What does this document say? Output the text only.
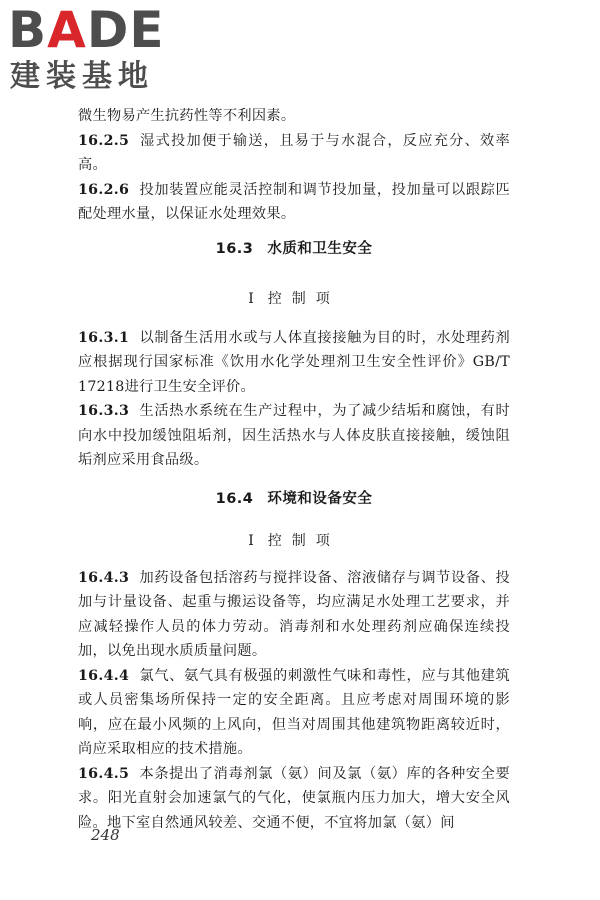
BADE
建装基地

微生物易产生抗药性等不利因素。

16.2.5 湿式投加便于输送，且易于与水混合，反应充分、效率高。

16.2.6 投加装置应能灵活控制和调节投加量，投加量可以跟踪匹配处理水量，以保证水处理效果。

16.3 水质和卫生安全
Ⅰ 控制项

16.3.1 以制备生活用水或与人体直接接触为目的时，水处理药剂应根据现行国家标准《饮用水化学处理剂卫生安全性评价》GB/T 17218进行卫生安全评价。

16.3.3 生活热水系统在生产过程中，为了减少结垢和腐蚀，有时向水中投加缓蚀阻垢剂，因生活热水与人体皮肤直接接触，缓蚀阻垢剂应采用食品级。

16.4 环境和设备安全
Ⅰ 控制项

16.4.3 加药设备包括溶药与搅拌设备、溶液储存与调节设备、投加与计量设备、起重与搬运设备等，均应满足水处理工艺要求，并应减轻操作人员的体力劳动。消毒剂和水处理药剂应确保连续投加，以免出现水质质量问题。

16.4.4 氯气、氨气具有极强的刺激性气味和毒性，应与其他建筑或人员密集场所保持一定的安全距离。且应考虑对周围环境的影响，应在最小风频的上风向，但当对周围其他建筑物距离较近时，尚应采取相应的技术措施。

16.4.5 本条提出了消毒剂氯（氨）间及氯（氨）库的各种安全要求。阳光直射会加速氯气的气化，使氯瓶内压力加大，增大安全风险。地下室自然通风较差、交通不便，不宜将加氯（氨）间

248
